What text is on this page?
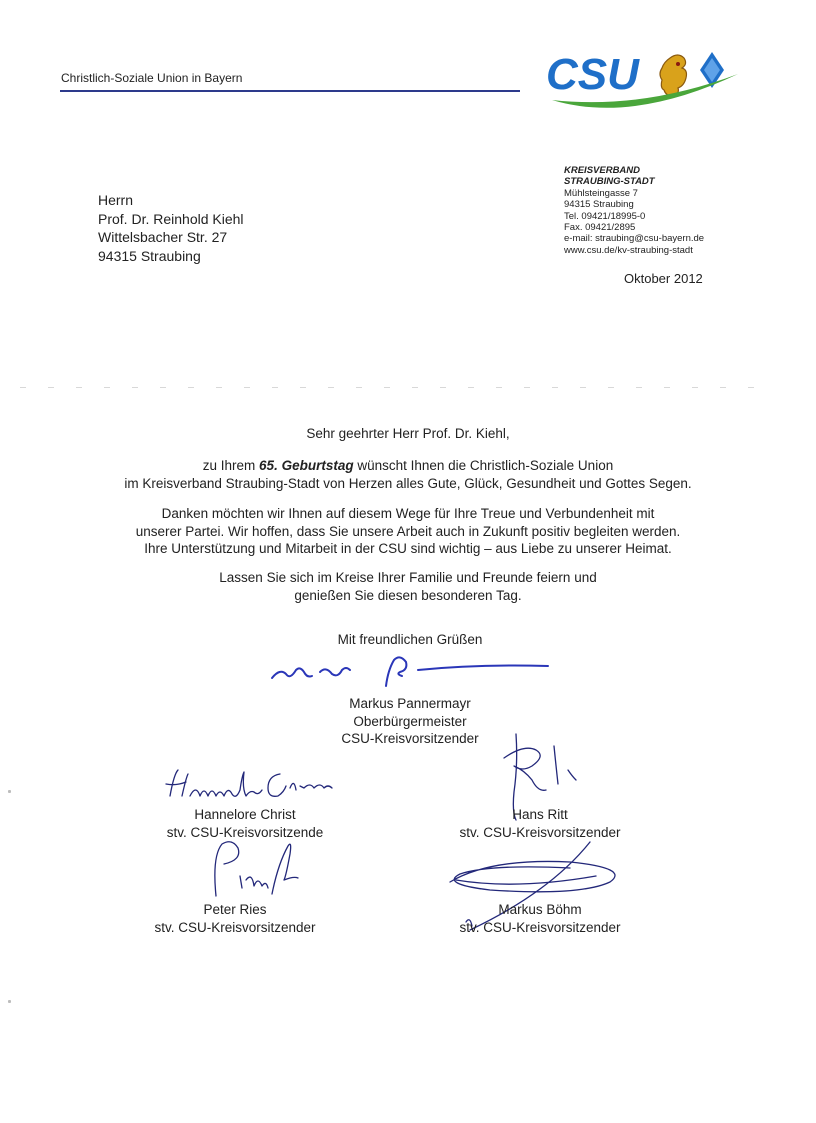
Christlich-Soziale Union in Bayern	CSU
KREISVERBAND
STRAUBING-STADT
Mühlsteingasse 7
94315 Straubing
Tel. 09421/18995-0
Fax. 09421/2895
e-mail: straubing@csu-bayern.de
www.csu.de/kv-straubing-stadt
Herrn
Prof. Dr. Reinhold Kiehl
Wittelsbacher Str. 27
94315 Straubing
Oktober 2012
Sehr geehrter Herr Prof. Dr. Kiehl,

zu Ihrem 65. Geburtstag wünscht Ihnen die Christlich-Soziale Union

im Kreisverband Straubing-Stadt von Herzen alles Gute, Glück, Gesundheit und Gottes Segen.

Danken möchten wir Ihnen auf diesem Wege für Ihre Treue und Verbundenheit mit

unserer Partei. Wir hoffen, dass Sie unsere Arbeit auch in Zukunft positiv begleiten werden.

Ihre Unterstützung und Mitarbeit in der CSU sind wichtig – aus Liebe zu unserer Heimat.

Lassen Sie sich im Kreise Ihrer Familie und Freunde feiern und

genießen Sie diesen besonderen Tag.

Mit freundlichen Grüßen

Markus Pannermayr

Oberbürgermeister

CSU-Kreisvorsitzender

Hannelore Christ

stv. CSU-Kreisvorsitzende

Hans Ritt

stv. CSU-Kreisvorsitzender

Peter Ries

stv. CSU-Kreisvorsitzender

Markus Böhm

stv. CSU-Kreisvorsitzender
